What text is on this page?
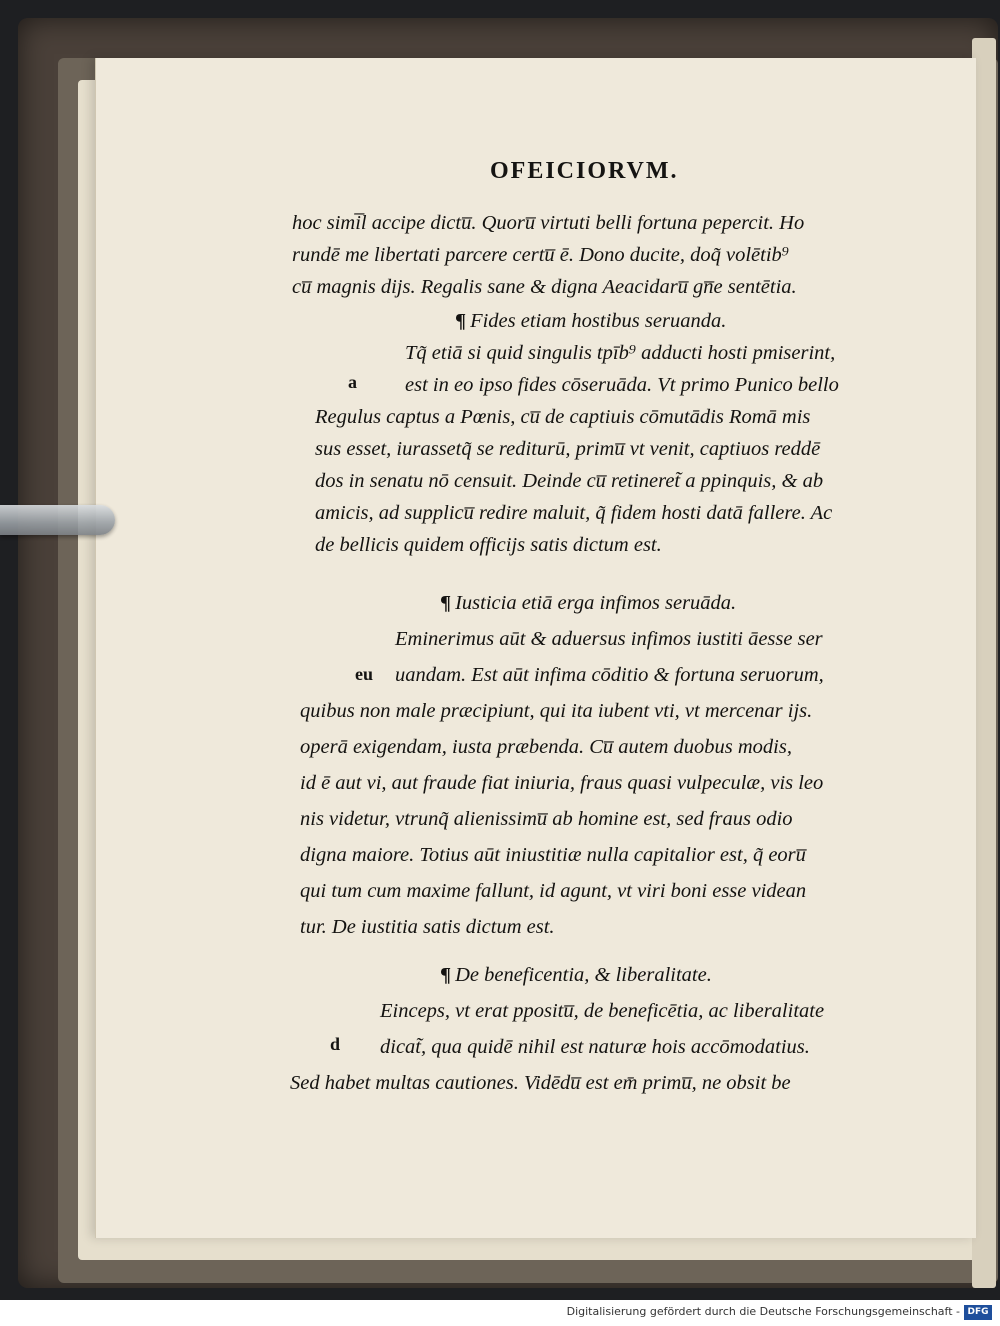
OFEICIORVM.
hoc simi̅l accipe dictu̅. Quoru̅ virtuti belli fortuna pepercit. Ho
rundē me libertati parcere certu̅ ē. Dono ducite, doq̃ volētib⁹
cu̅ magnis dijs. Regalis sane & digna Aeacidaru̅ gn̅e sentētia.
¶ Fides etiam hostibus seruanda.
Tq̃ etiā si quid singulis tpīb⁹ adducti hosti pmiserint,
a est in eo ipso fides cōseruāda. Vt primo Punico bello
Regulus captus a Pœnis, cu̅ de captiuis cōmutādis Romā mis
sus esset, iurassetq̃ se rediturū, primu̅ vt venit, captiuos reddē
dos in senatu nō censuit. Deinde cu̅ retineret̃ a ppinquis, & ab
amicis, ad supplicu̅ redire maluit, q̃ fidem hosti datā fallere. Ac
de bellicis quidem officijs satis dictum est.
¶ Iusticia etiā erga infimos seruāda.
Eminerimus aūt & aduersus infimos iustiti āesse ser
eu uandam. Est aūt infima cōditio & fortuna seruorum,
quibus non male præcipiunt, qui ita iubent vti, vt mercenar ijs.
operā exigendam, iusta præbenda. Cu̅ autem duobus modis,
id ē aut vi, aut fraude fiat iniuria, fraus quasi vulpeculæ, vis leo
nis videtur, vtrunq̃ alienissimu̅ ab homine est, sed fraus odio
digna maiore. Totius aūt iniustitiæ nulla capitalior est, q̃ eoru̅
qui tum cum maxime fallunt, id agunt, vt viri boni esse videan
tur. De iustitia satis dictum est.
¶ De beneficentia, & liberalitate.
Einceps, vt erat ppositu̅, de beneficētia, ac liberalitate
d dicat̃, qua quidē nihil est naturæ hois accōmodatius.
Sed habet multas cautiones. Vidēdu̅ est em̄ primu̅, ne obsit be
Digitalisierung gefördert durch die Deutsche Forschungsgemeinschaft - DFG
